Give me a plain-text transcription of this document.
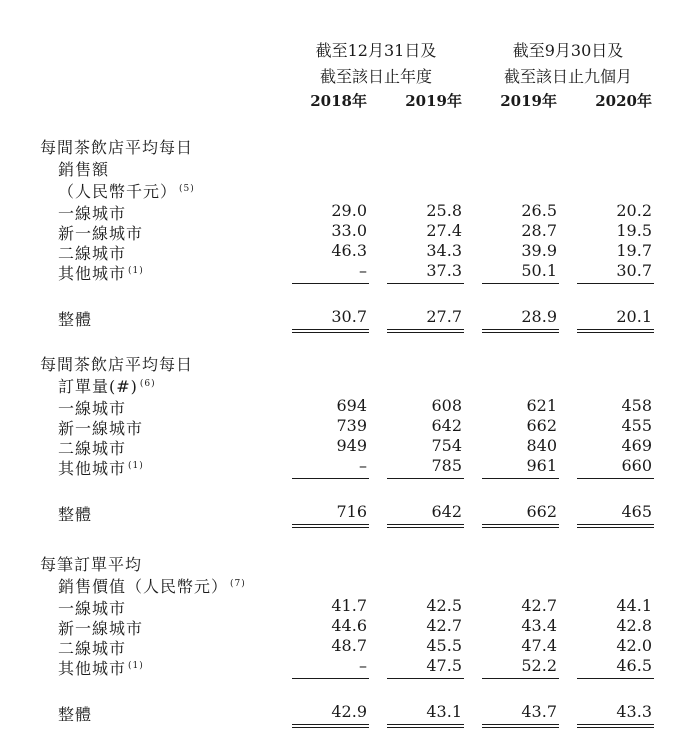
截至12月31日及
截至該日止年度
截至9月30日及
截至該日止九個月
2018年	2019年	2019年	2020年
每間茶飲店平均每日
銷售額
（人民幣千元） $^{(5)}$
一線城市	29.0	25.8	26.5	20.2
新一線城市	33.0	27.4	28.7	19.5
二線城市	46.3	34.3	39.9	19.7
其他城市 $^{(1)}$	–	37.3	50.1	30.7
整體	30.7	27.7	28.9	20.1
每間茶飲店平均每日
訂單量(#) $^{(6)}$
一線城市	694	608	621	458
新一線城市	739	642	662	455
二線城市	949	754	840	469
其他城市 $^{(1)}$	–	785	961	660
整體	716	642	662	465
每筆訂單平均
銷售價值（人民幣元） $^{(7)}$
一線城市	41.7	42.5	42.7	44.1
新一線城市	44.6	42.7	43.4	42.8
二線城市	48.7	45.5	47.4	42.0
其他城市 $^{(1)}$	–	47.5	52.2	46.5
整體	42.9	43.1	43.7	43.3
